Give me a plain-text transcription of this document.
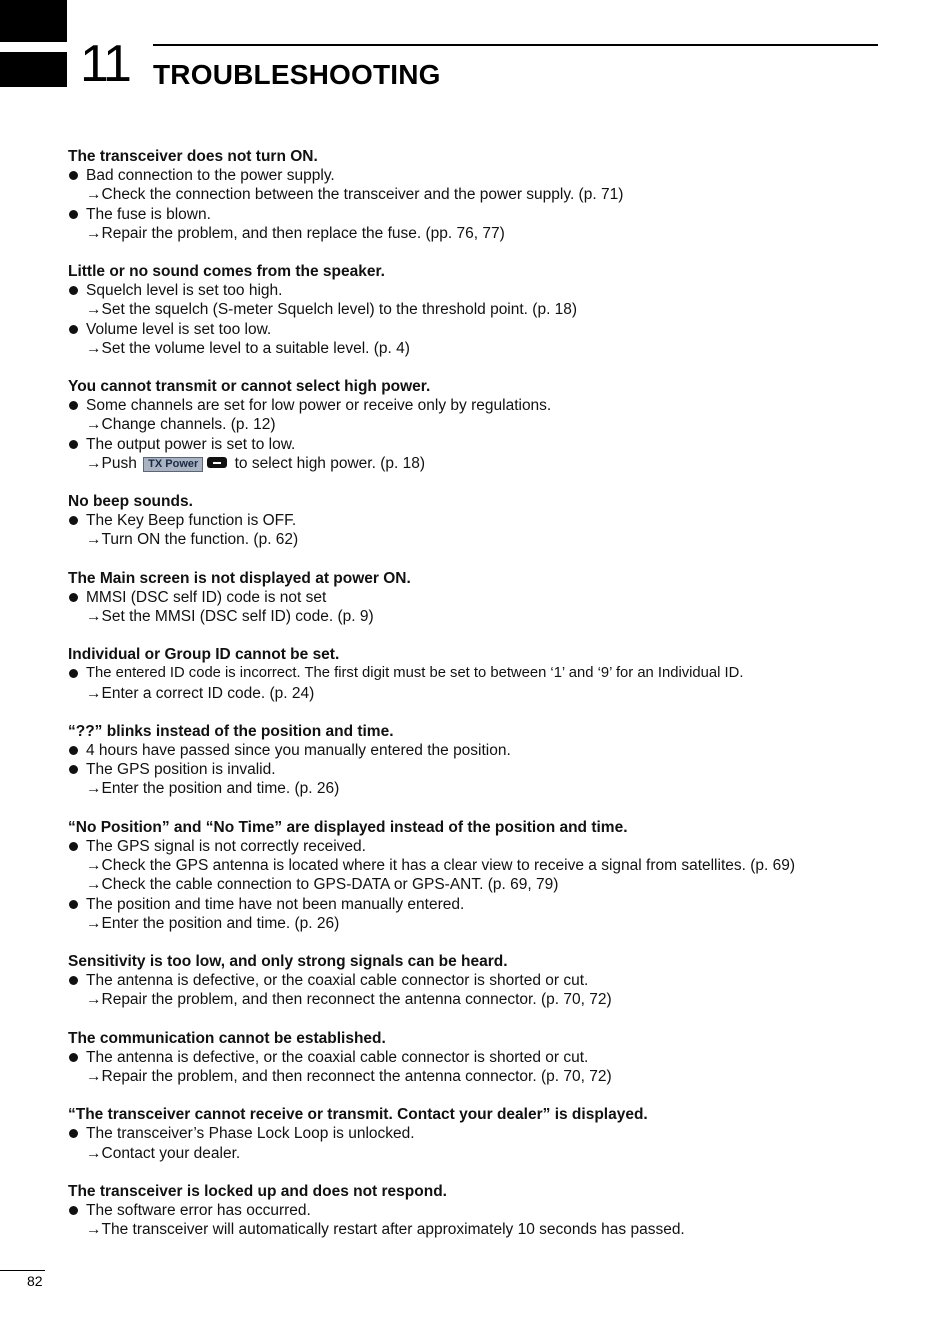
11 TROUBLESHOOTING
The transceiver does not turn ON.
Bad connection to the power supply.
→Check the connection between the transceiver and the power supply. (p. 71)
The fuse is blown.
→Repair the problem, and then replace the fuse. (pp. 76, 77)
Little or no sound comes from the speaker.
Squelch level is set too high.
→Set the squelch (S-meter Squelch level) to the threshold point. (p. 18)
Volume level is set too low.
→Set the volume level to a suitable level. (p. 4)
You cannot transmit or cannot select high power.
Some channels are set for low power or receive only by regulations.
→Change channels. (p. 12)
The output power is set to low.
→Push TX Power to select high power. (p. 18)
No beep sounds.
The Key Beep function is OFF.
→Turn ON the function. (p. 62)
The Main screen is not displayed at power ON.
MMSI (DSC self ID) code is not set
→Set the MMSI (DSC self ID) code. (p. 9)
Individual or Group ID cannot be set.
The entered ID code is incorrect. The first digit must be set to between ‘1’ and ‘9’ for an Individual ID.
→Enter a correct ID code. (p. 24)
“??” blinks instead of the position and time.
4 hours have passed since you manually entered the position.
The GPS position is invalid.
→Enter the position and time. (p. 26)
“No Position” and “No Time” are displayed instead of the position and time.
The GPS signal is not correctly received.
→Check the GPS antenna is located where it has a clear view to receive a signal from satellites. (p. 69)
→Check the cable connection to GPS-DATA or GPS-ANT. (p. 69, 79)
The position and time have not been manually entered.
→Enter the position and time. (p. 26)
Sensitivity is too low, and only strong signals can be heard.
The antenna is defective, or the coaxial cable connector is shorted or cut.
→Repair the problem, and then reconnect the antenna connector. (p. 70, 72)
The communication cannot be established.
The antenna is defective, or the coaxial cable connector is shorted or cut.
→Repair the problem, and then reconnect the antenna connector. (p. 70, 72)
“The transceiver cannot receive or transmit. Contact your dealer” is displayed.
The transceiver’s Phase Lock Loop is unlocked.
→Contact your dealer.
The transceiver is locked up and does not respond.
The software error has occurred.
→The transceiver will automatically restart after approximately 10 seconds has passed.
82
